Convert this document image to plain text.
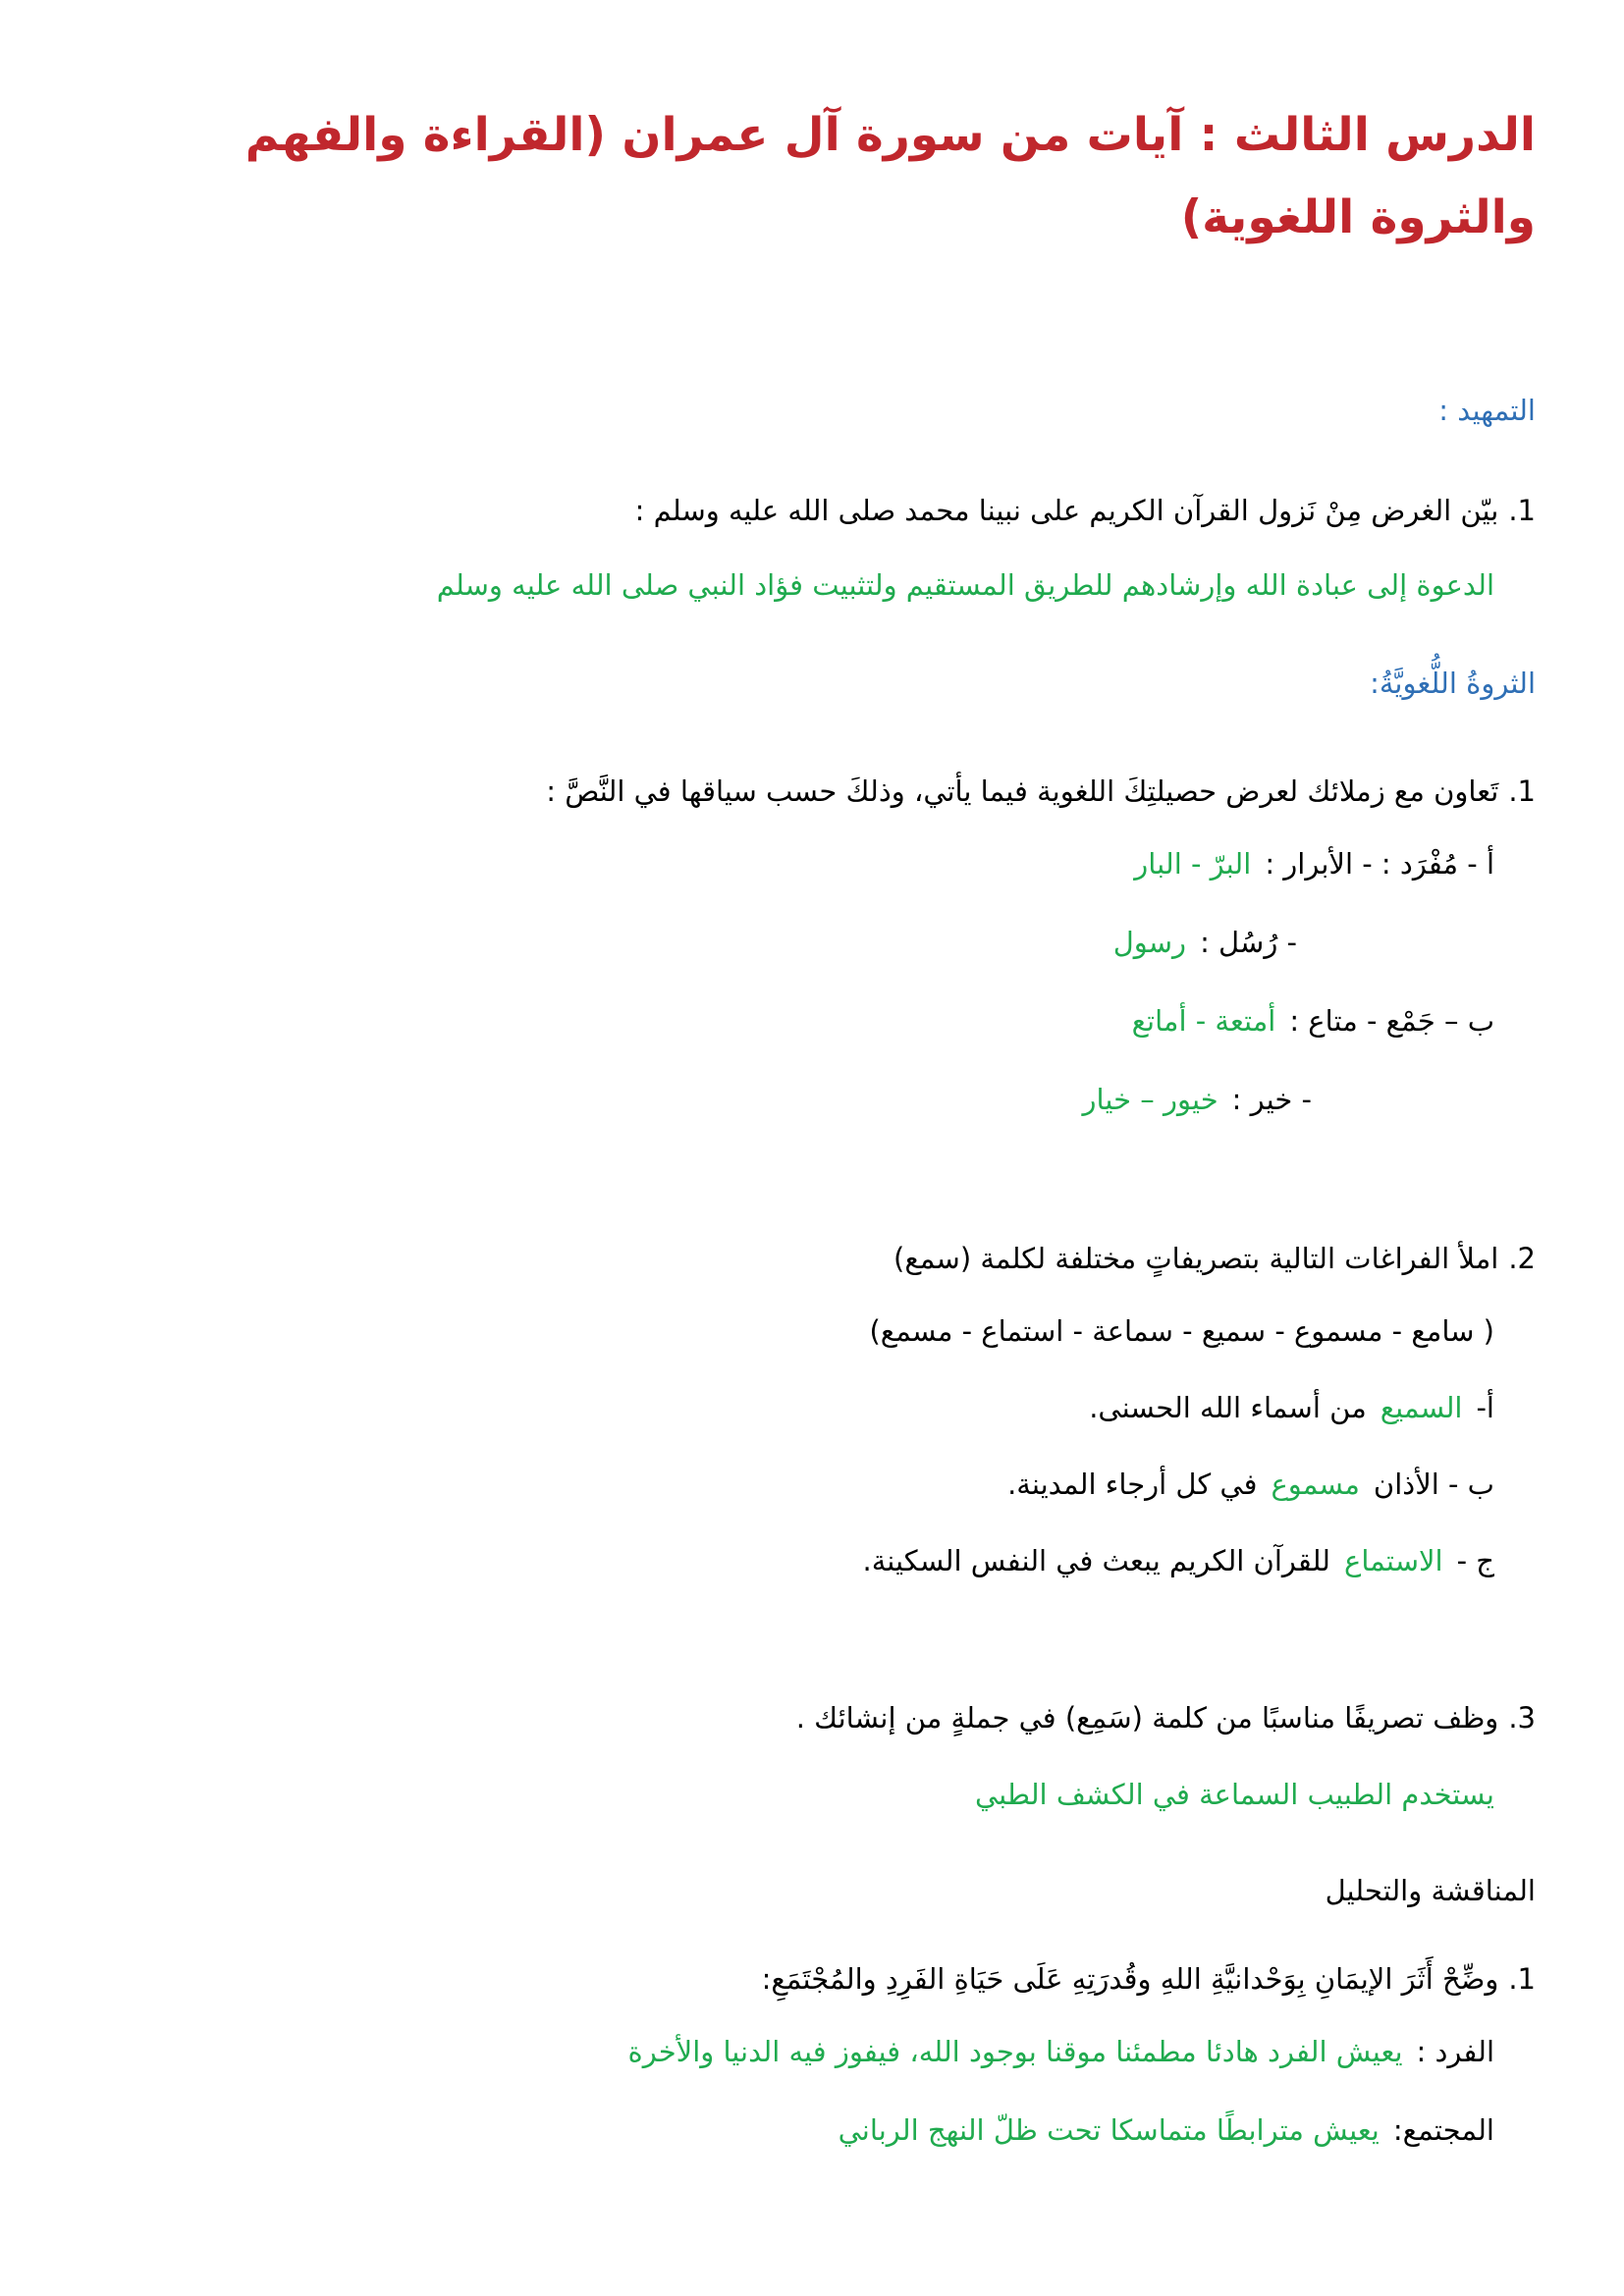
الدرس الثالث : آيات من سورة آل عمران (القراءة والفهم والثروة اللغوية)
التمهيد :
1.بيّن الغرض مِنْ نَزول القرآن الكريم على نبينا محمد صلى الله عليه وسلم :
الدعوة إلى عبادة الله وإرشادهم للطريق المستقيم ولتثبيت فؤاد النبي صلى الله عليه وسلم
الثروةُ اللُّغويَّةُ:
1.تَعاون مع زملائك لعرض حصيلتِكَ اللغوية فيما يأتي، وذلكَ حسب سياقها في النَّصَّ :
أ - مُفْرَد : - الأبرار :البرّ - البار
- رُسُل :رسول
ب – جَمْع - متاع :أمتعة - أماتع
- خير :خيور – خيار
2.املأ الفراغات التالية بتصريفاتٍ مختلفة لكلمة (سمع)
( سامع - مسموع - سميع - سماعة - استماع - مسمع)
أ-السميعمن أسماء الله الحسنى.
ب - الأذانمسموعفي كل أرجاء المدينة.
ج -الاستماعللقرآن الكريم يبعث في النفس السكينة.
3.وظف تصريفًا مناسبًا من كلمة (سَمِع) في جملةٍ من إنشائك .
يستخدم الطبيب السماعة في الكشف الطبي
المناقشة والتحليل
1.وضِّحْ أَثَرَ الإيمَانِ بِوَحْدانيَّةِ اللهِ وقُدرَتِهِ عَلَى حَيَاةِ الفَرِدِ والمُجْتَمَعِ:
الفرد :يعيش الفرد هادئا مطمئنا موقنا بوجود الله، فيفوز فيه الدنيا والأخرة
المجتمع:يعيش مترابطًا متماسكا تحت ظلّ النهج الرباني
